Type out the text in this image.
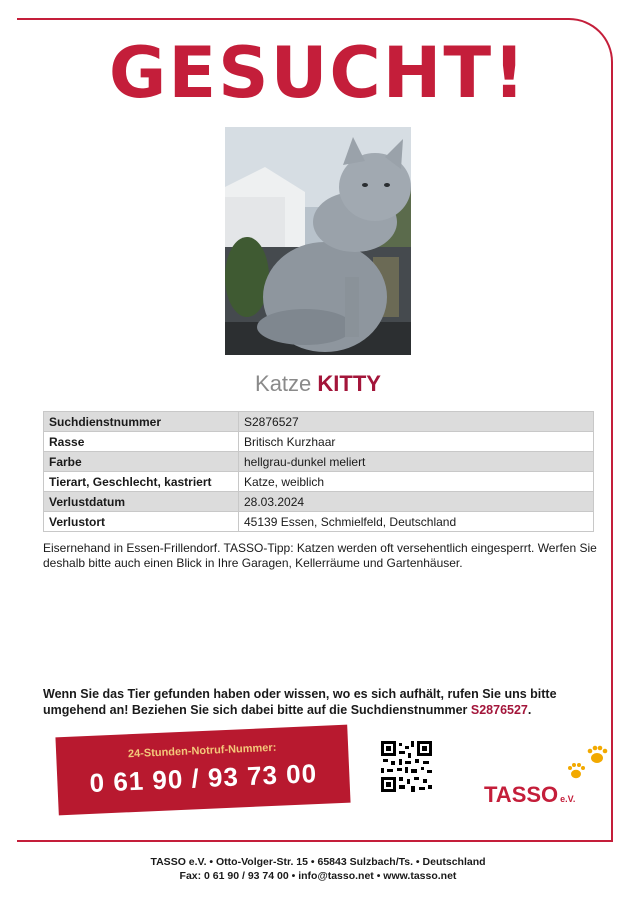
GESUCHT!
Katze KITTY
Suchdienstnummer	S2876527
Rasse	Britisch Kurzhaar
Farbe	hellgrau-dunkel meliert
Tierart, Geschlecht, kastriert	Katze, weiblich
Verlustdatum	28.03.2024
Verlustort	45139 Essen, Schmielfeld, Deutschland
Eisernehand in Essen-Frillendorf. TASSO-Tipp: Katzen werden oft versehentlich eingesperrt. Werfen Sie deshalb bitte auch einen Blick in Ihre Garagen, Kellerräume und Gartenhäuser.
Wenn Sie das Tier gefunden haben oder wissen, wo es sich aufhält, rufen Sie uns bitte umgehend an! Beziehen Sie sich dabei bitte auf die Suchdienstnummer S2876527.
24-Stunden-Notruf-Nummer:
0 61 90 / 93 73 00	TASSO e.V.
TASSO e.V. • Otto-Volger-Str. 15 • 65843 Sulzbach/Ts. • Deutschland
Fax: 0 61 90 / 93 74 00 • info@tasso.net • www.tasso.net
